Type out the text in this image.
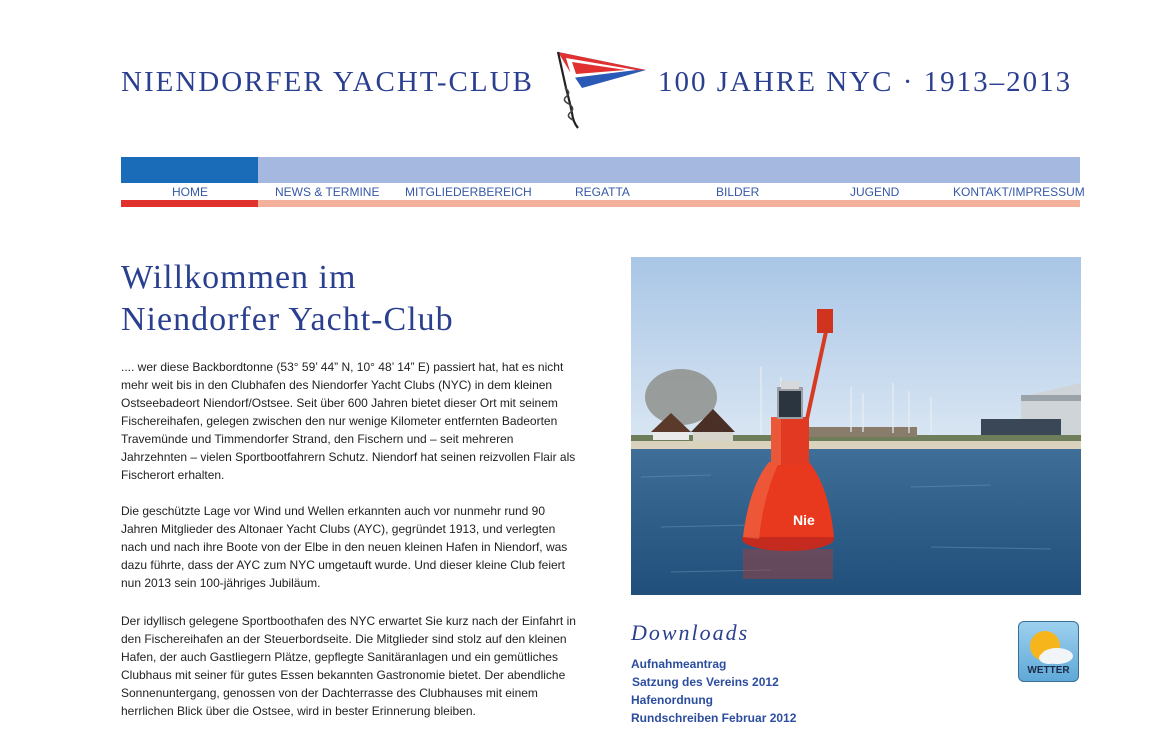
NIENDORFER YACHT-CLUB	100 JAHRE NYC · 1913–2013
HOME	NEWS & TERMINE MITGLIEDERBEREICH	REGATTA	BILDER	JUGEND	KONTAKT/IMPRESSUM
Willkommen im
Niendorfer Yacht-Club
.... wer diese Backbordtonne (53° 59’ 44” N, 10° 48’ 14” E) passiert hat, hat es nicht mehr weit bis in den Clubhafen des Niendorfer Yacht Clubs (NYC) in dem kleinen Ostseebadeort Niendorf/Ostsee. Seit über 600 Jahren bietet dieser Ort mit seinem Fischereihafen, gelegen zwischen den nur wenige Kilometer entfernten Badeorten Travemünde und Timmendorfer Strand, den Fischern und – seit mehreren Jahrzehnten – vielen Sportbootfahrern Schutz. Niendorf hat seinen reizvollen Flair als Fischerort erhalten.
Die geschützte Lage vor Wind und Wellen erkannten auch vor nunmehr rund 90 Jahren Mitglieder des Altonaer Yacht Clubs (AYC), gegründet 1913, und verlegten nach und nach ihre Boote von der Elbe in den neuen kleinen Hafen in Niendorf, was dazu führte, dass der AYC zum NYC umgetauft wurde. Und dieser kleine Club feiert nun 2013 sein 100-jähriges Jubiläum.
Der idyllisch gelegene Sportboothafen des NYC erwartet Sie kurz nach der Einfahrt in den Fischereihafen an der Steuerbordseite. Die Mitglieder sind stolz auf den kleinen Hafen, der auch Gastliegern Plätze, gepflegte Sanitäranlagen und ein gemütliches Clubhaus mit seiner für gutes Essen bekannten Gastronomie bietet. Der abendliche Sonnenuntergang, genossen von der Dachterrasse des Clubhauses mit einem herrlichen Blick über die Ostsee, wird in bester Erinnerung bleiben.
Nie
Downloads
Aufnahmeantrag
Satzung des Vereins 2012
Hafenordnung
Rundschreiben Februar 2012
WETTER
